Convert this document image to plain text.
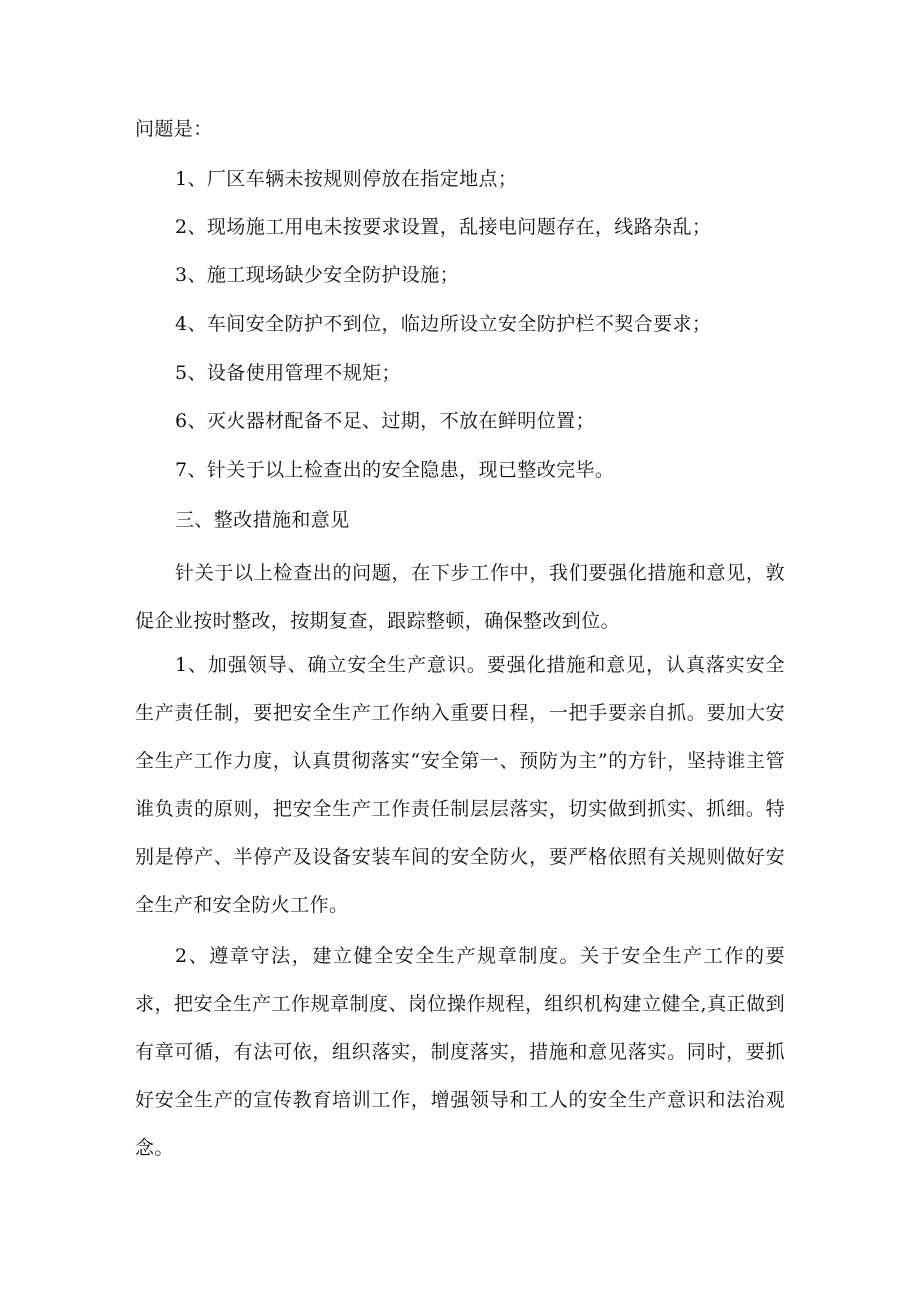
问题是：
1、厂区车辆未按规则停放在指定地点；
2、现场施工用电未按要求设置，乱接电问题存在，线路杂乱；
3、施工现场缺少安全防护设施；
4、车间安全防护不到位，临边所设立安全防护栏不契合要求；
5、设备使用管理不规矩；
6、灭火器材配备不足、过期，不放在鲜明位置；
7、针关于以上检查出的安全隐患，现已整改完毕。
三、整改措施和意见
针关于以上检查出的问题，在下步工作中，我们要强化措施和意见，敦促企业按时整改，按期复查，跟踪整顿，确保整改到位。
1、加强领导、确立安全生产意识。要强化措施和意见，认真落实安全生产责任制，要把安全生产工作纳入重要日程，一把手要亲自抓。要加大安全生产工作力度，认真贯彻落实“安全第一、预防为主”的方针，坚持谁主管谁负责的原则，把安全生产工作责任制层层落实，切实做到抓实、抓细。特别是停产、半停产及设备安装车间的安全防火，要严格依照有关规则做好安全生产和安全防火工作。
2、遵章守法，建立健全安全生产规章制度。关于安全生产工作的要求，把安全生产工作规章制度、岗位操作规程，组织机构建立健全,真正做到有章可循，有法可依，组织落实，制度落实，措施和意见落实。同时，要抓好安全生产的宣传教育培训工作，增强领导和工人的安全生产意识和法治观念。
